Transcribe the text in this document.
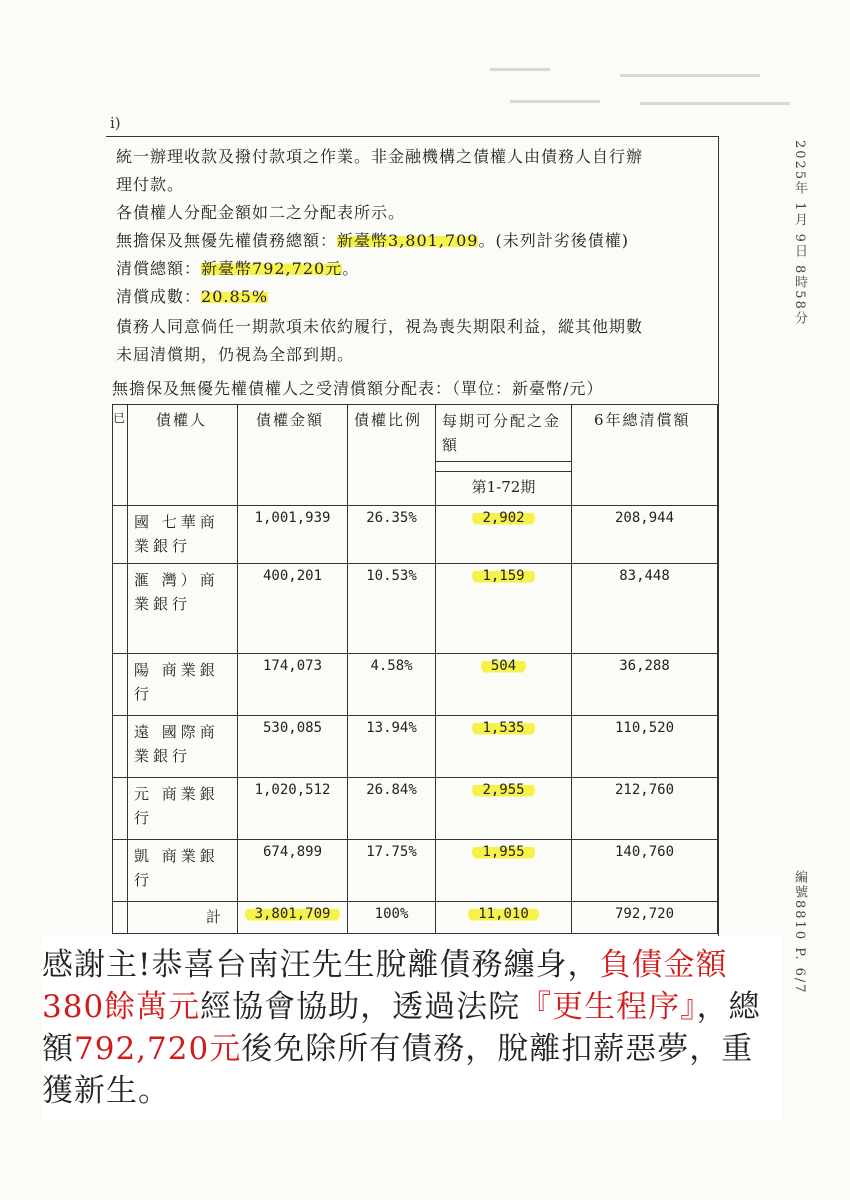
i)
統一辦理收款及撥付款項之作業。非金融機構之債權人由債務人自行辦
理付款。
各債權人分配金額如二之分配表所示。
無擔保及無優先權債務總額：新臺幣3,801,709。(未列計劣後債權)
清償總額：新臺幣792,720元。
清償成數：20.85%
債務人同意倘任一期款項未依約履行，視為喪失期限利益，縱其他期數
未屆清償期，仍視為全部到期。
無擔保及無優先權債權人之受清償額分配表：（單位：新臺幣/元）
已	債權人	債權金額	債權比例	每期可分配之金額	6年總清償額

				第1-72期	
	國 七華商業銀行	1,001,939	26.35%	2,902	208,944
	滙 灣）商業銀行	400,201	10.53%	1,159	83,448
	陽 商業銀行	174,073	4.58%	504	36,288
	遠 國際商業銀行	530,085	13.94%	1,535	110,520
	元 商業銀行	1,020,512	26.84%	2,955	212,760
	凱 商業銀行	674,899	17.75%	1,955	140,760
	計	3,801,709	100%	11,010	792,720
2025年 1月 9日 8時58分
編號8810 P. 6/7
感謝主!恭喜台南汪先生脫離債務纏身，負債金額380餘萬元經協會協助，透過法院『更生程序』，總額792,720元後免除所有債務，脫離扣薪惡夢，重獲新生。
